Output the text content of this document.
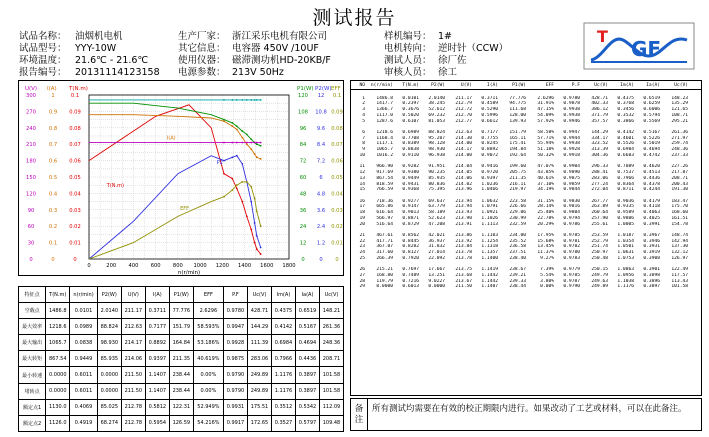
测试报告
试品名称： 油烟机电机
试品型号： YYY-10W
环境温度： 21.6℃ - 21.6℃
报告编号： 20131114123158
生产厂家： 浙江采乐电机有限公司
其它信息： 电容器 450V /10UF
使用仪器： 磁滞测功机HD-20KB/F
电源参数： 213V 50Hz
样机编号： 1#
电机转向： 逆时针（CCW）
测试人员： 徐厂佐
审核人员： 徐工
T
GF
U(V)
0
30
60
90
120
150
180
210
240
270
300
I(A)
0
0.1
0.2
0.3
0.4
0.5
0.6
0.7
0.8
0.9
1
T(N.m)
0
0.01
0.02
0.03
0.04
0.05
0.06
0.07
0.08
0.09
0.1
P1(W)
0
12
24
36
48
60
72
84
96
108
120
P2(W)
0
1.2
2.4
3.6
4.8
6
7.2
8.4
9.6
10.8
12
EFF
0
0.01
0.02
0.03
0.04
0.05
0.06
0.07
0.08
0.09
0.1
0	200 400 600 800 1000 1200 1400 1600 1800
n(r/min)
T(N.m)
P2
EFF
I(A)
特征点	T(N.m)	n(r/min)	P2(W)	U(V)	I(A)	P1(W)	EFF	P.F	Uc(V)	Im(A)	Ia(A)	Uc(V)
空载点	1486.8	0.0101	2.0140	211.17	0.3711	77.776	2.6296	0.9780	428.71	0.4375	0.6519	148.21
最大效率	1218.6	0.0989	88.824	212.63	0.7177	151.79	58.593%	0.9947	144.29	0.4142	0.5167	261.36
最大输出	1065.7	0.0838	98.930	214.17	0.8892	164.84	53.186%	0.9928	111.39	0.6984	0.4694	248.36
最大转矩	867.54	0.9449	85.935	214.06	0.9397	211.35	40.619%	0.9875	283.06	0.7966	0.4436	208.71
最小转速	0.0000	0.6011	0.0000	211.50	1.1407	238.44	0.00%	0.9790	249.89	1.1176	0.3897	101.58
堵转点	0.0000	0.6011	0.0000	211.50	1.1407	238.44	0.00%	0.9790	249.89	1.1176	0.3897	101.58
额定点1	1130.0	0.4069	85.025	212.78	0.5812	122.31	52.949%	0.9931	175.51	0.3512	0.5342	112.09
额定点2	1126.0	0.4919	68.274	212.78	0.5954	126.59	54.216%	0.9917	172.65	0.3527	0.5797	109.48
NO	n(r/min)	T(N.m)	P2(W)	U(V)	I(A)	P1(W)	EFF	P.F	Uc(V)	Im(A)	Ia(A)	Uc(V)
1	1486.8	0.0101	2.0140	211.17	0.3711	77.776	2.6296	0.9780	428.71	0.4375	0.6519	148.23
2	1417.7	0.2397	38.245	212.79	0.4589	94.775	31.91%	0.9878	402.33	0.3768	0.6259	135.29
3	1366.7	0.3676	52.612	212.72	0.5290	111.68	47.15%	0.9938	386.12	0.3456	0.6006	121.65
4	1117.0	0.5020	69.232	212.70	0.5996	128.00	54.09%	0.9938	371.79	0.3532	0.5794	108.71
5	1287.6	0.6107	81.053	212.77	0.6612	139.93	57.92%	0.9946	357.57	0.3866	0.5569	295.21
6	1218.6	0.6989	88.824	212.63	0.7177	151.79	58.58%	0.9947	144.29	0.4142	0.5167	261.36
7	1168.4	0.7708	95.207	214.30	0.7755	165.11	57.71%	0.9944	334.17	0.4601	0.5226	271.97
8	1117.1	0.8389	98.128	214.00	0.8245	175.41	55.94%	0.9938	323.52	0.5526	0.5019	259.74
9	1065.7	0.8838	98.930	214.17	0.8892	194.84	51.18%	0.9928	313.39	0.6984	0.4694	248.36
10	1016.2	0.9110	96.938	214.00	0.9072	192.64	50.32%	0.9918	304.36	0.6683	0.4742	237.33
11	966.90	0.9282	91.951	214.04	0.9416	199.60	47.07%	0.9904	296.33	0.7089	0.4620	227.26
12	917.69	0.9380	90.235	214.05	0.9720	205.75	43.85%	0.9890	288.41	0.7537	0.4513	217.87
13	867.54	0.9449	85.935	214.06	0.9397	211.35	40.61%	0.9875	283.06	0.7966	0.4436	208.71
14	818.59	0.9431	80.836	214.02	1.0236	216.11	37.10%	0.9859	277.24	0.8364	0.4378	200.43
15	766.59	0.9368	75.395	213.96	1.0466	219.97	34.19%	0.9844	272.04	0.8711	0.4244	191.30
16	718.36	0.9277	69.637	213.94	1.0632	223.58	31.15%	0.9830	267.77	0.9036	0.4179	183.47
17	665.86	0.9147	63.779	213.94	1.0791	226.66	28.14%	0.9816	263.89	0.9335	0.4118	175.70
18	616.64	0.9013	58.189	213.93	1.0921	229.06	25.40%	0.9804	260.64	0.9589	0.4063	168.60
19	566.97	0.8871	52.623	213.90	1.1026	230.99	22.78%	0.9794	257.90	0.9806	0.4025	161.51
20	516.64	0.8729	47.208	213.91	1.1113	232.59	20.29%	0.9786	255.61	1.0005	0.3991	154.78
21	467.61	0.8562	42.021	213.86	1.1183	234.00	17.95%	0.9785	253.59	1.0187	0.3967	148.74
22	417.71	0.8445	36.937	213.92	1.1254	235.52	15.68%	0.9781	252.79	1.0354	0.3946	142.94
23	367.07	0.8282	31.832	213.84	1.1318	236.58	13.45%	0.9782	251.74	1.0501	0.3931	137.30
24	317.60	0.8127	27.014	213.78	1.1357	237.51	11.37%	0.9780	250.97	1.0631	0.3919	132.12
25	266.39	0.7920	22.092	213.78	1.1400	238.40	9.27%	0.9783	250.48	1.0753	0.3908	126.97
26	215.21	0.7697	17.667	213.75	1.1419	238.67	7.39%	0.9779	250.15	1.0863	0.3901	122.49
27	168.80	0.7489	13.251	213.68	1.1442	239.21	5.54%	0.9785	249.79	1.0956	0.3898	117.57
28	119.79	0.7216	9.0227	213.67	1.1442	239.33	3.80%	0.9787	249.63	1.1038	0.3896	113.43
29	0.0000	0.6013	0.0000	211.50	1.1407	238.44	0.00%	0.9790	249.89	1.1176	0.3897	101.58
备注
所有测试均需要在有效的校正期限内进行。如果改动了工艺或材料，可以在此备注。
